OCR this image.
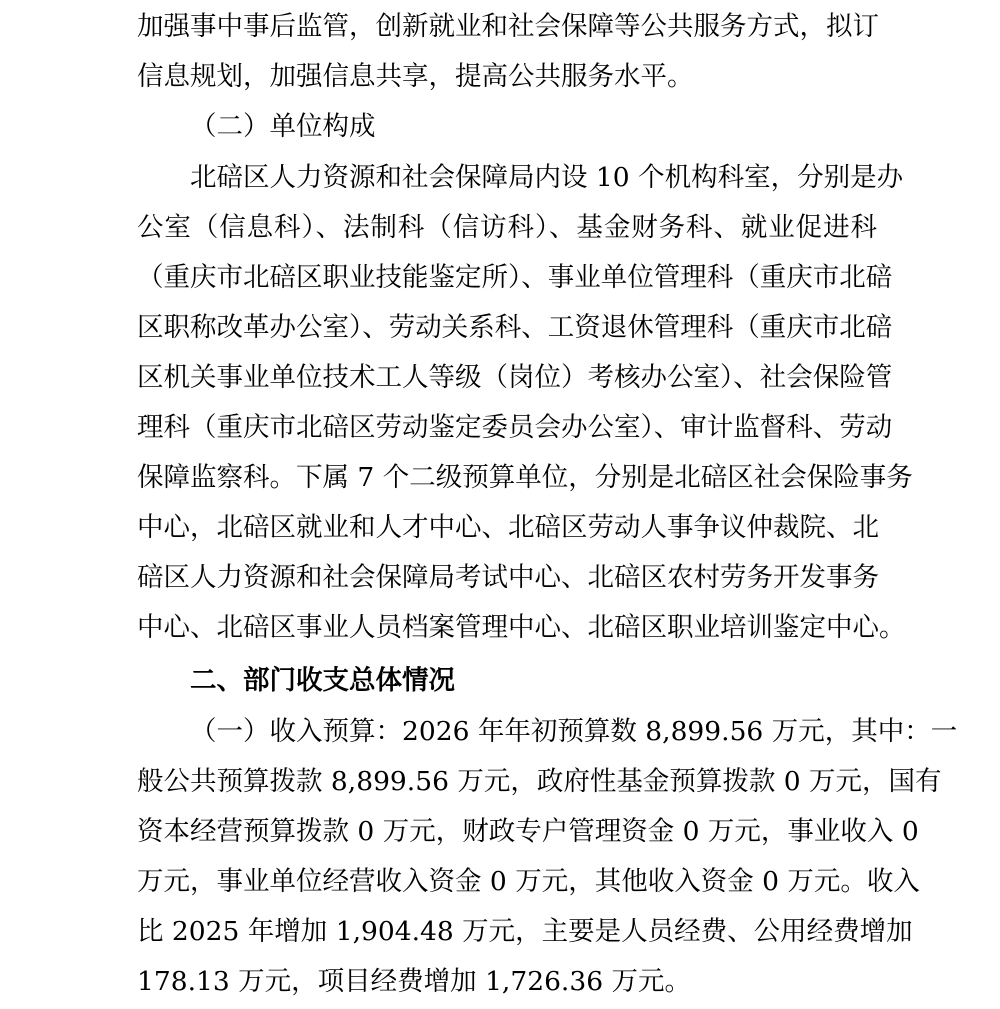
加强事中事后监管，创新就业和社会保障等公共服务方式，拟订
信息规划，加强信息共享，提高公共服务水平。
（二）单位构成
北碚区人力资源和社会保障局内设 10 个机构科室，分别是办
公室（信息科）、法制科（信访科）、基金财务科、就业促进科
（重庆市北碚区职业技能鉴定所）、事业单位管理科（重庆市北碚
区职称改革办公室）、劳动关系科、工资退休管理科（重庆市北碚
区机关事业单位技术工人等级（岗位）考核办公室）、社会保险管
理科（重庆市北碚区劳动鉴定委员会办公室）、审计监督科、劳动
保障监察科。下属 7 个二级预算单位，分别是北碚区社会保险事务
中心，北碚区就业和人才中心、北碚区劳动人事争议仲裁院、北
碚区人力资源和社会保障局考试中心、北碚区农村劳务开发事务
中心、北碚区事业人员档案管理中心、北碚区职业培训鉴定中心。
二、部门收支总体情况
（一）收入预算：2026 年年初预算数 8,899.56 万元，其中：一
般公共预算拨款 8,899.56 万元，政府性基金预算拨款 0 万元，国有
资本经营预算拨款 0 万元，财政专户管理资金 0 万元，事业收入 0
万元，事业单位经营收入资金 0 万元，其他收入资金 0 万元。收入
比 2025 年增加 1,904.48 万元，主要是人员经费、公用经费增加
178.13 万元，项目经费增加 1,726.36 万元。
